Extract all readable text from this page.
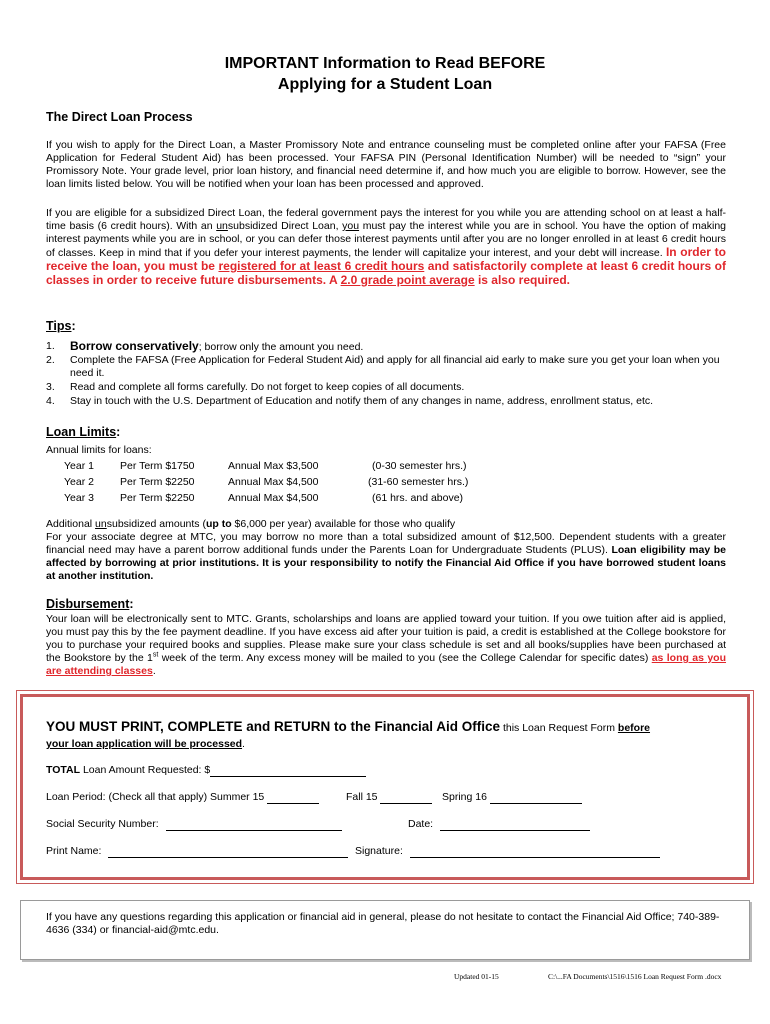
IMPORTANT Information to Read BEFORE
Applying for a Student Loan
The Direct Loan Process
If you wish to apply for the Direct Loan, a Master Promissory Note and entrance counseling must be completed online after your FAFSA (Free Application for Federal Student Aid) has been processed. Your FAFSA PIN (Personal Identification Number) will be needed to “sign” your Promissory Note. Your grade level, prior loan history, and financial need determine if, and how much you are eligible to borrow. However, see the loan limits listed below. You will be notified when your loan has been processed and approved.
If you are eligible for a subsidized Direct Loan, the federal government pays the interest for you while you are attending school on at least a half-time basis (6 credit hours). With an unsubsidized Direct Loan, you must pay the interest while you are in school. You have the option of making interest payments while you are in school, or you can defer those interest payments until after you are no longer enrolled in at least 6 credit hours of classes. Keep in mind that if you defer your interest payments, the lender will capitalize your interest, and your debt will increase. In order to receive the loan, you must be registered for at least 6 credit hours and satisfactorily complete at least 6 credit hours of classes in order to receive future disbursements. A 2.0 grade point average is also required.
Tips:
1. Borrow conservatively; borrow only the amount you need.
2. Complete the FAFSA (Free Application for Federal Student Aid) and apply for all financial aid early to make sure you get your loan when you need it.
3. Read and complete all forms carefully. Do not forget to keep copies of all documents.
4. Stay in touch with the U.S. Department of Education and notify them of any changes in name, address, enrollment status, etc.
Loan Limits:
Annual limits for loans:
Year 1 Per Term $1750	Annual Max $3,500	(0-30 semester hrs.)
Year 2 Per Term $2250	Annual Max $4,500	(31-60 semester hrs.)
Year 3 Per Term $2250	Annual Max $4,500	(61 hrs. and above)
Additional unsubsidized amounts (up to $6,000 per year) available for those who qualify
For your associate degree at MTC, you may borrow no more than a total subsidized amount of $12,500. Dependent students with a greater financial need may have a parent borrow additional funds under the Parents Loan for Undergraduate Students (PLUS). Loan eligibility may be affected by borrowing at prior institutions. It is your responsibility to notify the Financial Aid Office if you have borrowed student loans at another institution.
Disbursement:
Your loan will be electronically sent to MTC. Grants, scholarships and loans are applied toward your tuition. If you owe tuition after aid is applied, you must pay this by the fee payment deadline. If you have excess aid after your tuition is paid, a credit is established at the College bookstore for you to purchase your required books and supplies. Please make sure your class schedule is set and all books/supplies have been purchased at the Bookstore by the 1st week of the term. Any excess money will be mailed to you (see the College Calendar for specific dates) as long as you are attending classes.
YOU MUST PRINT, COMPLETE and RETURN to the Financial Aid Office this Loan Request Form before
your loan application will be processed.
TOTAL Loan Amount Requested: $
Loan Period: (Check all that apply) Summer 15	Fall 15	Spring 16
Social Security Number:	Date:
Print Name:	Signature:
If you have any questions regarding this application or financial aid in general, please do not hesitate to contact the Financial Aid Office; 740-389-4636 (334) or financial-aid@mtc.edu.
Updated 01-15	C:\...FA Documents\1516\1516 Loan Request Form .docx
